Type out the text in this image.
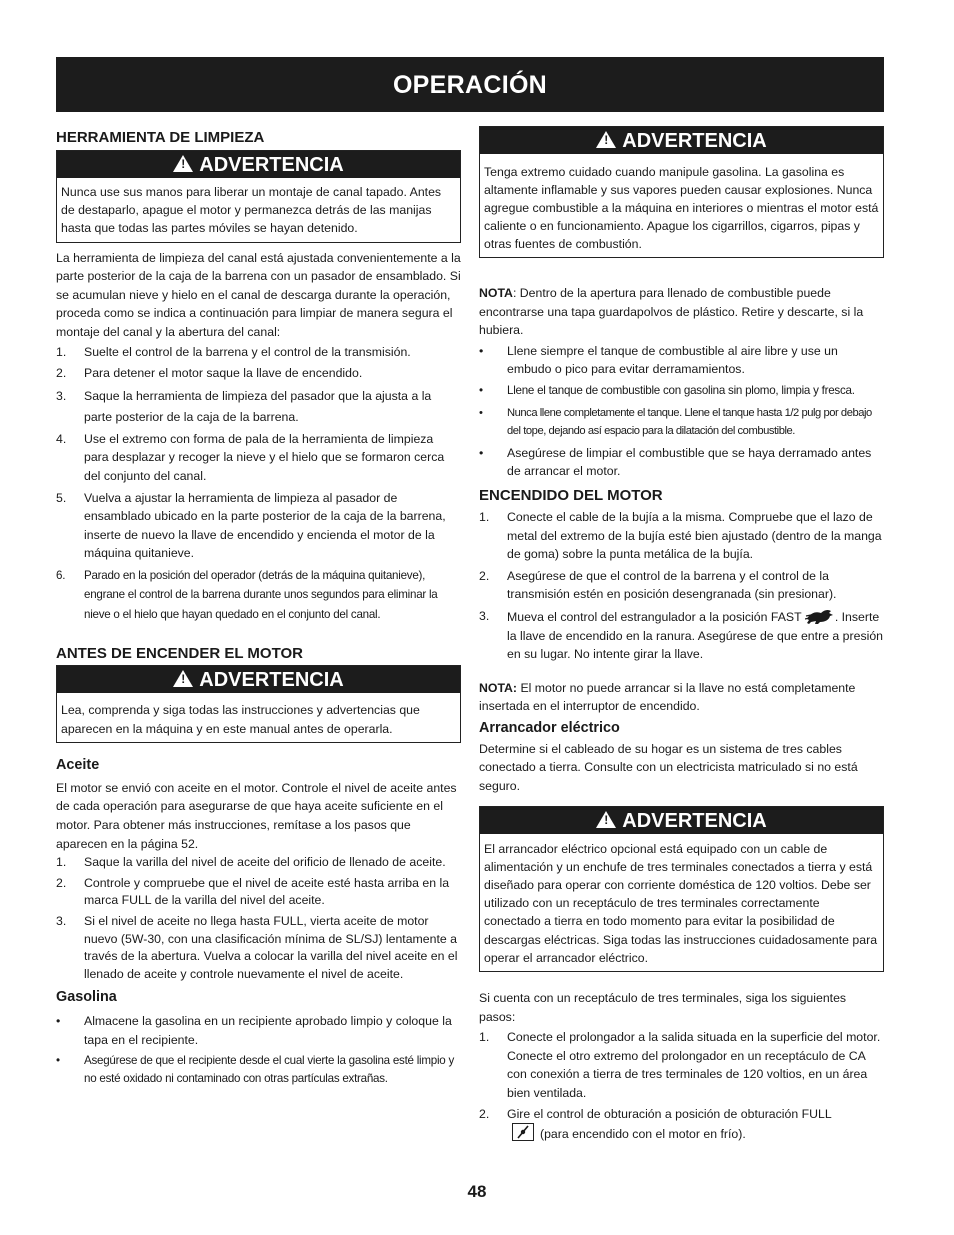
OPERACIÓN
HERRAMIENTA DE LIMPIEZA
!ADVERTENCIA
Nunca use sus manos para liberar un montaje de canal tapado. Antes de destaparlo, apague el motor y permanezca detrás de las manijas hasta que todas las partes móviles se hayan detenido.

La herramienta de limpieza del canal está ajustada convenientemente a la parte posterior de la caja de la barrena con un pasador de ensamblado. Si se acumulan nieve y hielo en el canal de descarga durante la operación, proceda como se indica a continuación para limpiar de manera segura el montaje del canal y la abertura del canal:

1. Suelte el control de la barrena y el control de la transmisión.
2. Para detener el motor saque la llave de encendido.
3. Saque la herramienta de limpieza del pasador que la ajusta a la parte posterior de la caja de la barrena.
4. Use el extremo con forma de pala de la herramienta de limpieza para desplazar y recoger la nieve y el hielo que se formaron cerca del conjunto del canal.
5. Vuelva a ajustar la herramienta de limpieza al pasador de ensamblado ubicado en la parte posterior de la caja de la barrena, inserte de nuevo la llave de encendido y encienda el motor de la máquina quitanieve.
6. Parado en la posición del operador (detrás de la máquina quitanieve), engrane el control de la barrena durante unos segundos para eliminar la nieve o el hielo que hayan quedado en el conjunto del canal.
ANTES DE ENCENDER EL MOTOR
!ADVERTENCIA
Lea, comprenda y siga todas las instrucciones y advertencias que aparecen en la máquina y en este manual antes de operarla.
Aceite

El motor se envió con aceite en el motor. Controle el nivel de aceite antes de cada operación para asegurarse de que haya aceite suficiente en el motor. Para obtener más instrucciones, remítase a los pasos que aparecen en la página 52.

1. Saque la varilla del nivel de aceite del orificio de llenado de aceite.
2. Controle y compruebe que el nivel de aceite esté hasta arriba en la marca FULL de la varilla del nivel del aceite.
3. Si el nivel de aceite no llega hasta FULL, vierta aceite de motor nuevo (5W-30, con una clasificación mínima de SL/SJ) lentamente a través de la abertura. Vuelva a colocar la varilla del nivel aceite en el llenado de aceite y controle nuevamente el nivel de aceite.
Gasolina
• Almacene la gasolina en un recipiente aprobado limpio y coloque la tapa en el recipiente.
• Asegúrese de que el recipiente desde el cual vierte la gasolina esté limpio y no esté oxidado ni contaminado con otras partículas extrañas.
!ADVERTENCIA
Tenga extremo cuidado cuando manipule gasolina. La gasolina es altamente inflamable y sus vapores pueden causar explosiones. Nunca agregue combustible a la máquina en interiores o mientras el motor está caliente o en funcionamiento. Apague los cigarrillos, cigarros, pipas y otras fuentes de combustión.

NOTA: Dentro de la apertura para llenado de combustible puede encontrarse una tapa guardapolvos de plástico. Retire y descarte, si la hubiera.

• Llene siempre el tanque de combustible al aire libre y use un embudo o pico para evitar derramamientos.
• Llene el tanque de combustible con gasolina sin plomo, limpia y fresca.
• Nunca llene completamente el tanque. Llene el tanque hasta 1/2 pulg por debajo del tope, dejando así espacio para la dilatación del combustible.
• Asegúrese de limpiar el combustible que se haya derramado antes de arrancar el motor.
ENCENDIDO DEL MOTOR
1. Conecte el cable de la bujía a la misma. Compruebe que el lazo de metal del extremo de la bujía esté bien ajustado (dentro de la manga de goma) sobre la punta metálica de la bujía.
2. Asegúrese de que el control de la barrena y el control de la transmisión estén en posición desengranada (sin presionar).
3. Mueva el control del estrangulador a la posición FAST	. Inserte la llave de encendido en la ranura. Asegúrese de que entre a presión en su lugar. No intente girar la llave.

NOTA: El motor no puede arrancar si la llave no está completamente insertada en el interruptor de encendido.

Arrancador eléctrico

Determine si el cableado de su hogar es un sistema de tres cables conectado a tierra. Consulte con un electricista matriculado si no está seguro.

!ADVERTENCIA
El arrancador eléctrico opcional está equipado con un cable de alimentación y un enchufe de tres terminales conectados a tierra y está diseñado para operar con corriente doméstica de 120 voltios. Debe ser utilizado con un receptáculo de tres terminales correctamente conectado a tierra en todo momento para evitar la posibilidad de descargas eléctricas. Siga todas las instrucciones cuidadosamente para operar el arrancador eléctrico.

Si cuenta con un receptáculo de tres terminales, siga los siguientes pasos:

1. Conecte el prolongador a la salida situada en la superficie del motor. Conecte el otro extremo del prolongador en un receptáculo de CA con conexión a tierra de tres terminales de 120 voltios, en un área bien ventilada.
2. Gire el control de obturación a posición de obturación FULL

(para encendido con el motor en frío).
48
